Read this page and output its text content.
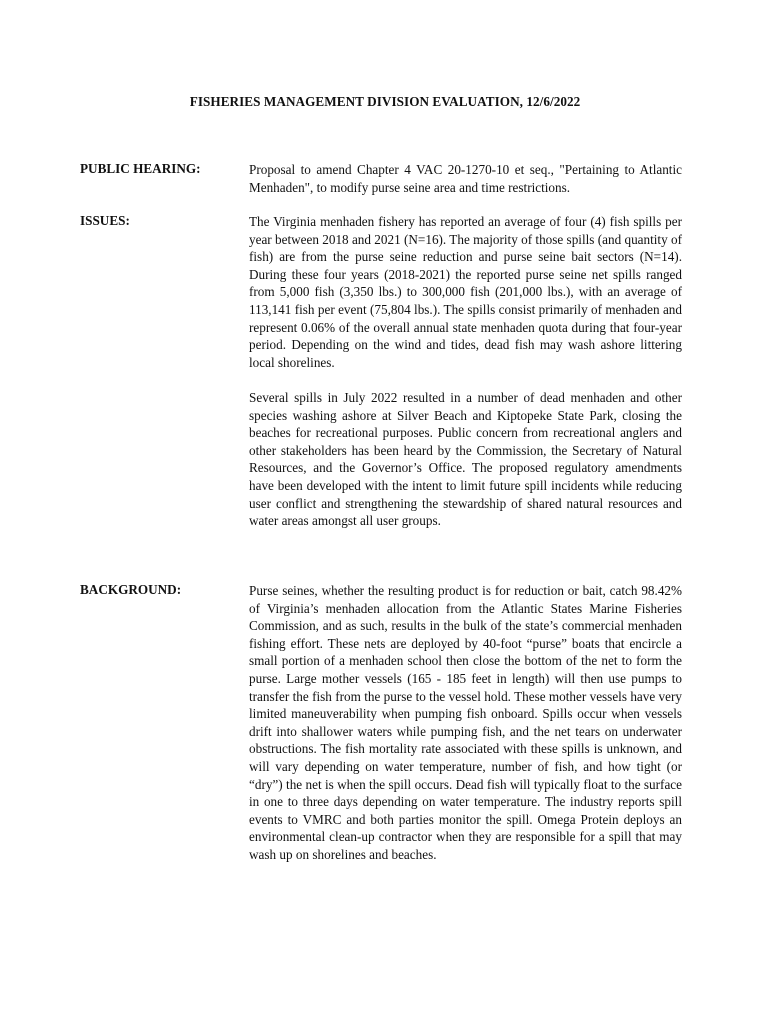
FISHERIES MANAGEMENT DIVISION EVALUATION, 12/6/2022
PUBLIC HEARING:	Proposal to amend Chapter 4 VAC 20-1270-10 et seq., "Pertaining to Atlantic Menhaden", to modify purse seine area and time restrictions.

ISSUES:	The Virginia menhaden fishery has reported an average of four (4) fish spills per year between 2018 and 2021 (N=16). The majority of those spills (and quantity of fish) are from the purse seine reduction and purse seine bait sectors (N=14). During these four years (2018-2021) the reported purse seine net spills ranged from 5,000 fish (3,350 lbs.) to 300,000 fish (201,000 lbs.), with an average of 113,141 fish per event (75,804 lbs.). The spills consist primarily of menhaden and represent 0.06% of the overall annual state menhaden quota during that four-year period. Depending on the wind and tides, dead fish may wash ashore littering local shorelines.

Several spills in July 2022 resulted in a number of dead menhaden and other species washing ashore at Silver Beach and Kiptopeke State Park, closing the beaches for recreational purposes. Public concern from recreational anglers and other stakeholders has been heard by the Commission, the Secretary of Natural Resources, and the Governor’s Office. The proposed regulatory amendments have been developed with the intent to limit future spill incidents while reducing user conflict and strengthening the stewardship of shared natural resources and water areas amongst all user groups.

BACKGROUND:	Purse seines, whether the resulting product is for reduction or bait, catch 98.42% of Virginia’s menhaden allocation from the Atlantic States Marine Fisheries Commission, and as such, results in the bulk of the state’s commercial menhaden fishing effort. These nets are deployed by 40-foot “purse” boats that encircle a small portion of a menhaden school then close the bottom of the net to form the purse. Large mother vessels (165 - 185 feet in length) will then use pumps to transfer the fish from the purse to the vessel hold. These mother vessels have very limited maneuverability when pumping fish onboard. Spills occur when vessels drift into shallower waters while pumping fish, and the net tears on underwater obstructions. The fish mortality rate associated with these spills is unknown, and will vary depending on water temperature, number of fish, and how tight (or “dry”) the net is when the spill occurs. Dead fish will typically float to the surface in one to three days depending on water temperature. The industry reports spill events to VMRC and both parties monitor the spill. Omega Protein deploys an environmental clean-up contractor when they are responsible for a spill that may wash up on shorelines and beaches.
